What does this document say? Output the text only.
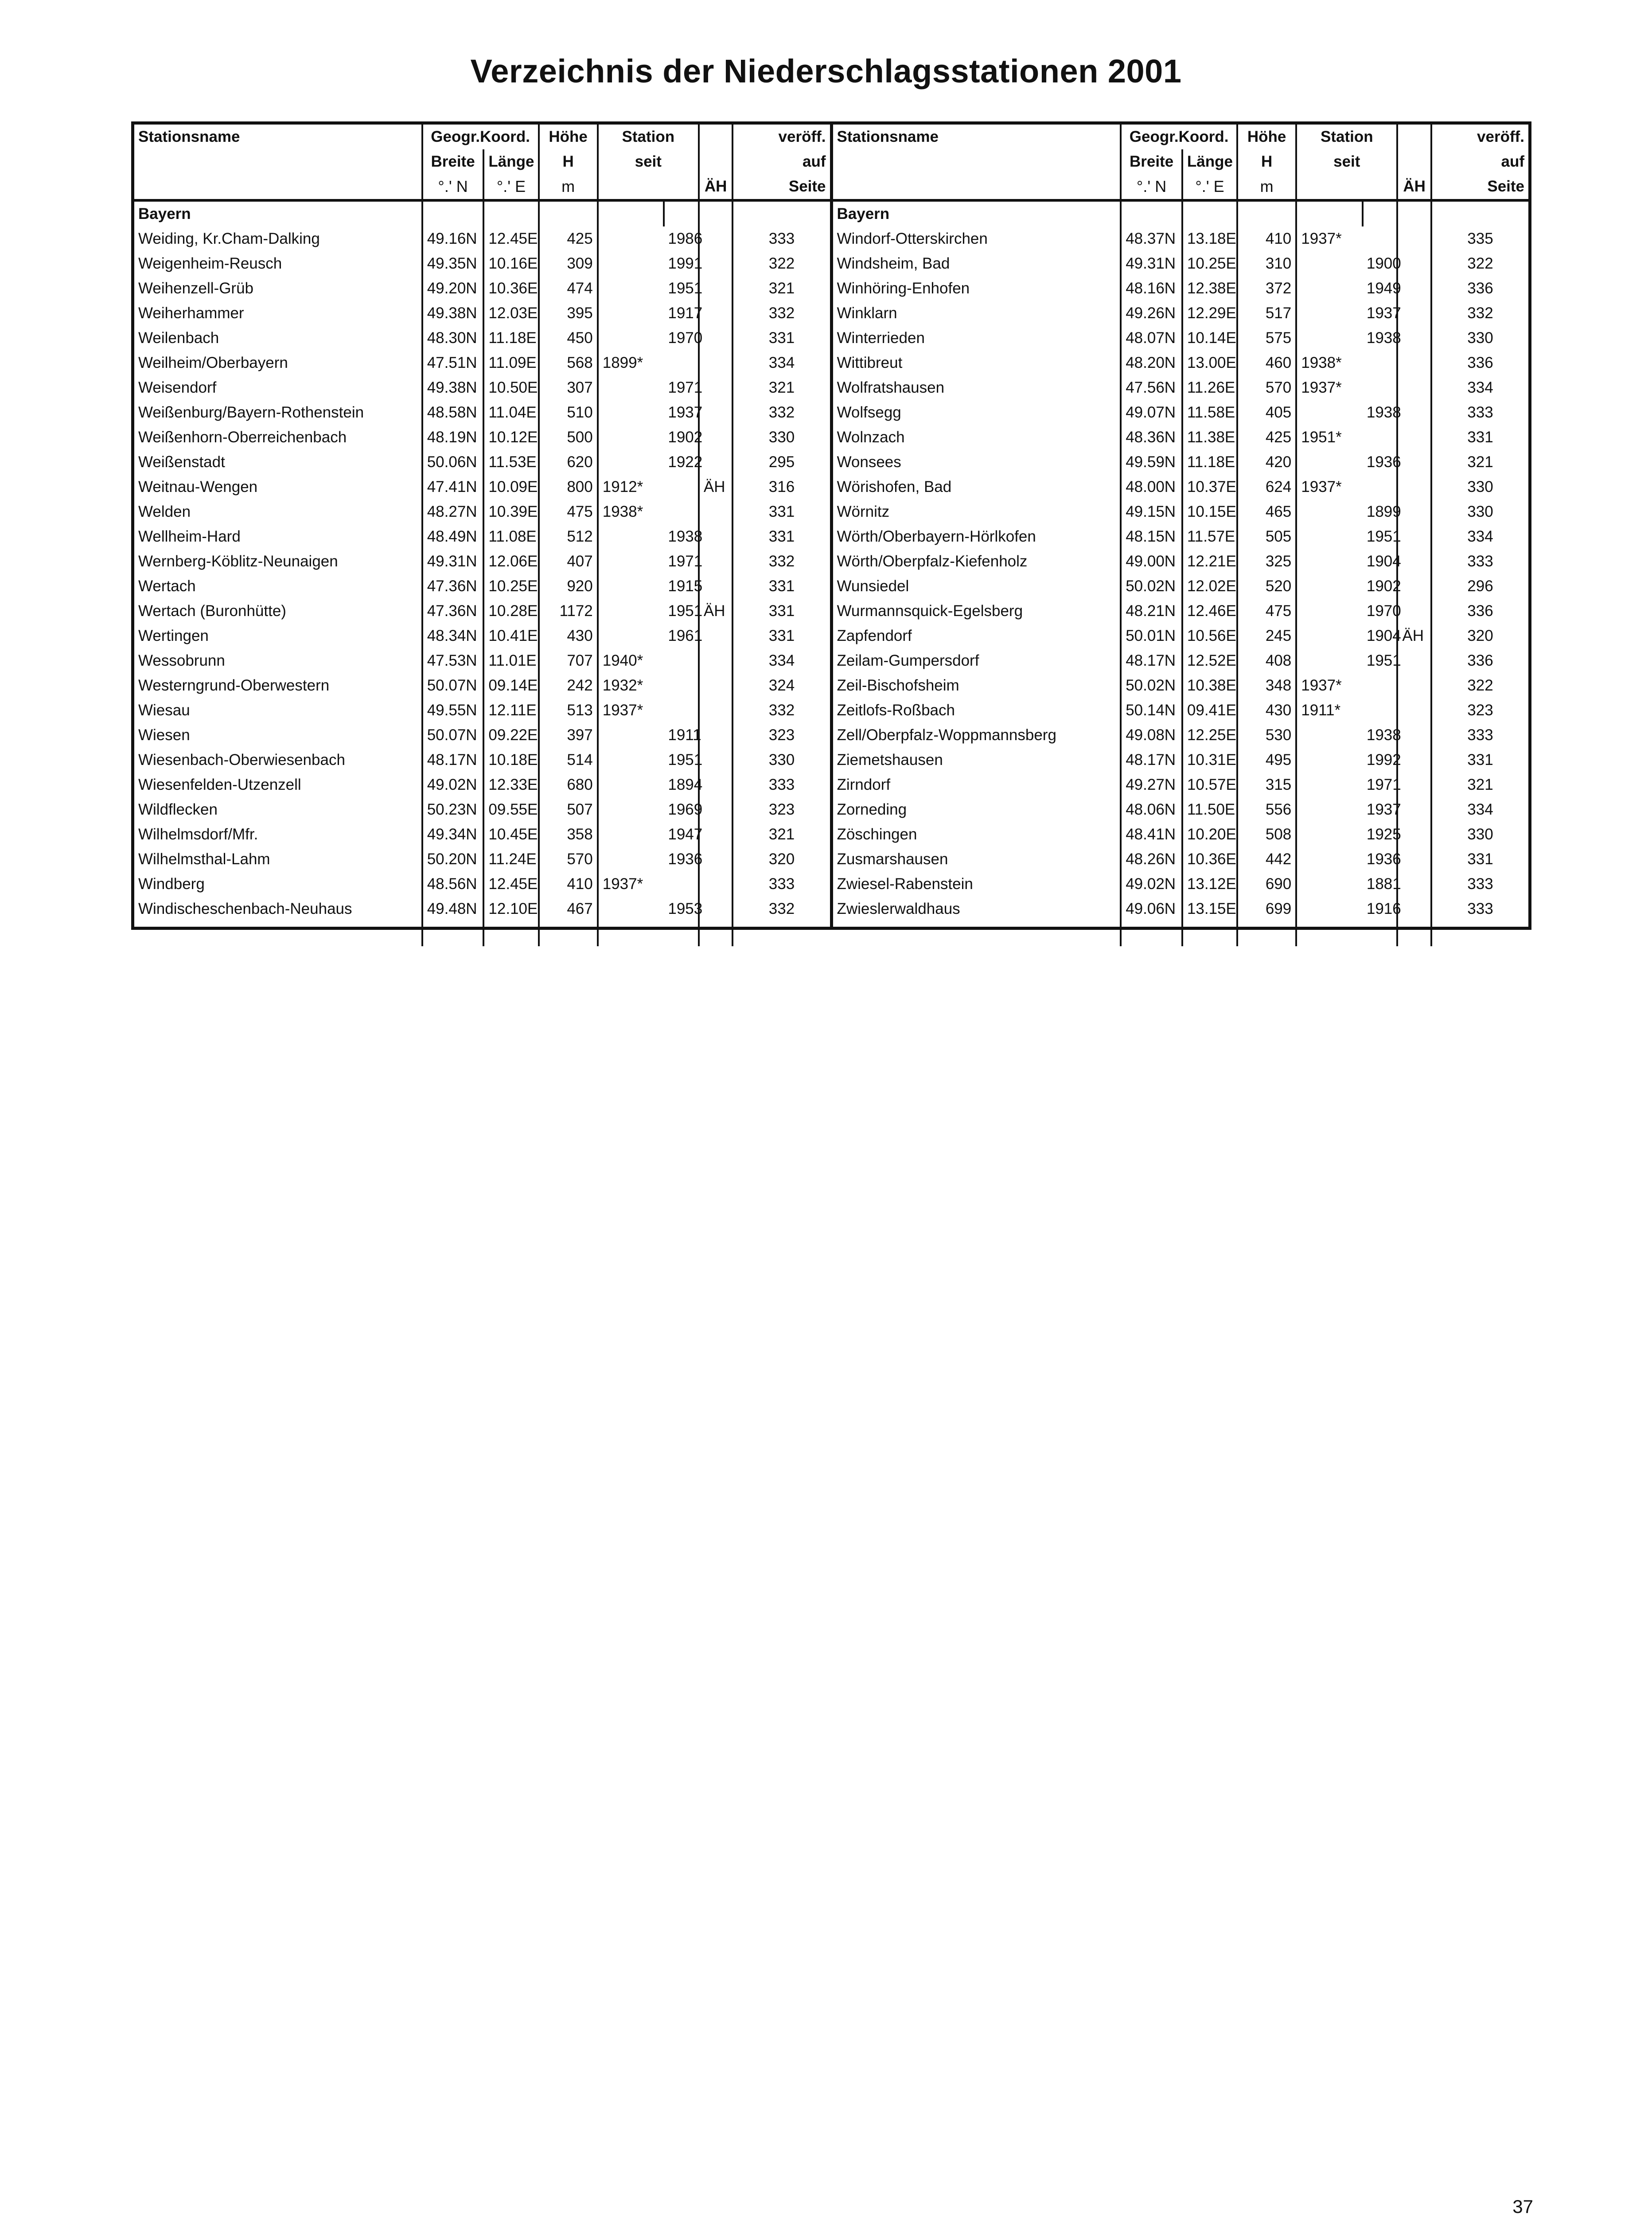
Verzeichnis der Niederschlagsstationen 2001
Stationsname	Geogr.Koord.		Höhe	Station			veröff.
	Breite	Länge	H	seit			auf
	°.' N	°.' E	m			ÄH	Seite
Bayern							
Weiding, Kr.Cham-Dalking	49.16N	12.45E	425		1986		333
Weigenheim-Reusch	49.35N	10.16E	309		1991		322
Weihenzell-Grüb	49.20N	10.36E	474		1951		321
Weiherhammer	49.38N	12.03E	395		1917		332
Weilenbach	48.30N	11.18E	450		1970		331
Weilheim/Oberbayern	47.51N	11.09E	568	1899*			334
Weisendorf	49.38N	10.50E	307		1971		321
Weißenburg/Bayern-Rothenstein	48.58N	11.04E	510		1937		332
Weißenhorn-Oberreichenbach	48.19N	10.12E	500		1902		330
Weißenstadt	50.06N	11.53E	620		1922		295
Weitnau-Wengen	47.41N	10.09E	800	1912*		ÄH	316
Welden	48.27N	10.39E	475	1938*			331
Wellheim-Hard	48.49N	11.08E	512		1938		331
Wernberg-Köblitz-Neunaigen	49.31N	12.06E	407		1971		332
Wertach	47.36N	10.25E	920		1915		331
Wertach (Buronhütte)	47.36N	10.28E	1172		1951	ÄH	331
Wertingen	48.34N	10.41E	430		1961		331
Wessobrunn	47.53N	11.01E	707	1940*			334
Westerngrund-Oberwestern	50.07N	09.14E	242	1932*			324
Wiesau	49.55N	12.11E	513	1937*			332
Wiesen	50.07N	09.22E	397		1911		323
Wiesenbach-Oberwiesenbach	48.17N	10.18E	514		1951		330
Wiesenfelden-Utzenzell	49.02N	12.33E	680		1894		333
Wildflecken	50.23N	09.55E	507		1969		323
Wilhelmsdorf/Mfr.	49.34N	10.45E	358		1947		321
Wilhelmsthal-Lahm	50.20N	11.24E	570		1936		320
Windberg	48.56N	12.45E	410	1937*			333
Windischeschenbach-Neuhaus	49.48N	12.10E	467		1953		332

Stationsname	Geogr.Koord.		Höhe	Station			veröff.
	Breite	Länge	H	seit			auf
	°.' N	°.' E	m			ÄH	Seite
Bayern							
Windorf-Otterskirchen	48.37N	13.18E	410	1937*			335
Windsheim, Bad	49.31N	10.25E	310		1900		322
Winhöring-Enhofen	48.16N	12.38E	372		1949		336
Winklarn	49.26N	12.29E	517		1937		332
Winterrieden	48.07N	10.14E	575		1938		330
Wittibreut	48.20N	13.00E	460	1938*			336
Wolfratshausen	47.56N	11.26E	570	1937*			334
Wolfsegg	49.07N	11.58E	405		1938		333
Wolnzach	48.36N	11.38E	425	1951*			331
Wonsees	49.59N	11.18E	420		1936		321
Wörishofen, Bad	48.00N	10.37E	624	1937*			330
Wörnitz	49.15N	10.15E	465		1899		330
Wörth/Oberbayern-Hörlkofen	48.15N	11.57E	505		1951		334
Wörth/Oberpfalz-Kiefenholz	49.00N	12.21E	325		1904		333
Wunsiedel	50.02N	12.02E	520		1902		296
Wurmannsquick-Egelsberg	48.21N	12.46E	475		1970		336
Zapfendorf	50.01N	10.56E	245		1904	ÄH	320
Zeilam-Gumpersdorf	48.17N	12.52E	408		1951		336
Zeil-Bischofsheim	50.02N	10.38E	348	1937*			322
Zeitlofs-Roßbach	50.14N	09.41E	430	1911*			323
Zell/Oberpfalz-Woppmannsberg	49.08N	12.25E	530		1938		333
Ziemetshausen	48.17N	10.31E	495		1992		331
Zirndorf	49.27N	10.57E	315		1971		321
Zorneding	48.06N	11.50E	556		1937		334
Zöschingen	48.41N	10.20E	508		1925		330
Zusmarshausen	48.26N	10.36E	442		1936		331
Zwiesel-Rabenstein	49.02N	13.12E	690		1881		333
Zwieslerwaldhaus	49.06N	13.15E	699		1916		333

37
